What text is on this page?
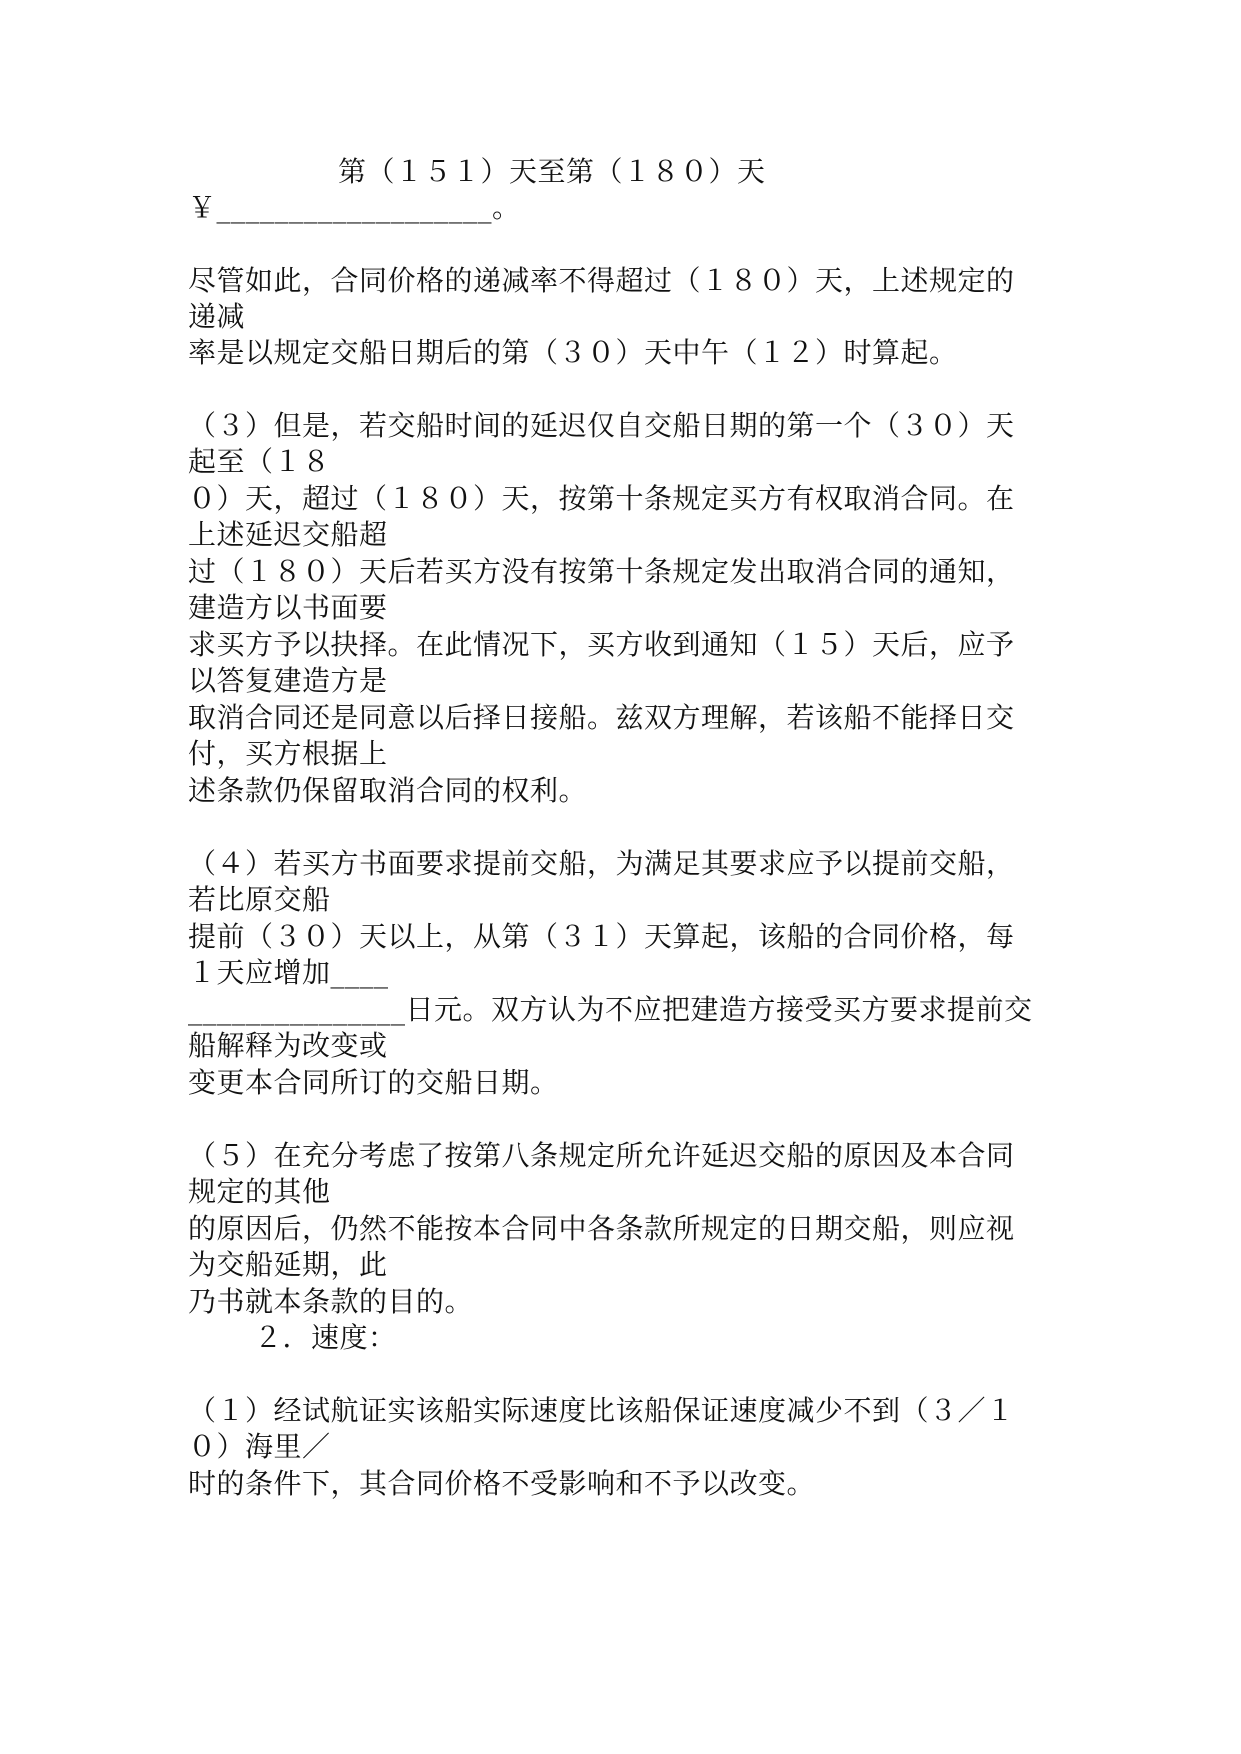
第（１５１）天至第（１８０）天
￥___________________。
尽管如此，合同价格的递减率不得超过（１８０）天，上述规定的
递减
率是以规定交船日期后的第（３０）天中午（１２）时算起。
（３）但是，若交船时间的延迟仅自交船日期的第一个（３０）天
起至（１８
０）天，超过（１８０）天，按第十条规定买方有权取消合同。在
上述延迟交船超
过（１８０）天后若买方没有按第十条规定发出取消合同的通知，
建造方以书面要
求买方予以抉择。在此情况下，买方收到通知（１５）天后，应予
以答复建造方是
取消合同还是同意以后择日接船。兹双方理解，若该船不能择日交
付，买方根据上
述条款仍保留取消合同的权利。
（４）若买方书面要求提前交船，为满足其要求应予以提前交船，
若比原交船
提前（３０）天以上，从第（３１）天算起，该船的合同价格，每
１天应增加____
_______________日元。双方认为不应把建造方接受买方要求提前交
船解释为改变或
变更本合同所订的交船日期。
（５）在充分考虑了按第八条规定所允许延迟交船的原因及本合同
规定的其他
的原因后，仍然不能按本合同中各条款所规定的日期交船，则应视
为交船延期，此
乃书就本条款的目的。
２．速度：
（１）经试航证实该船实际速度比该船保证速度减少不到（３／１
０）海里／
时的条件下，其合同价格不受影响和不予以改变。
